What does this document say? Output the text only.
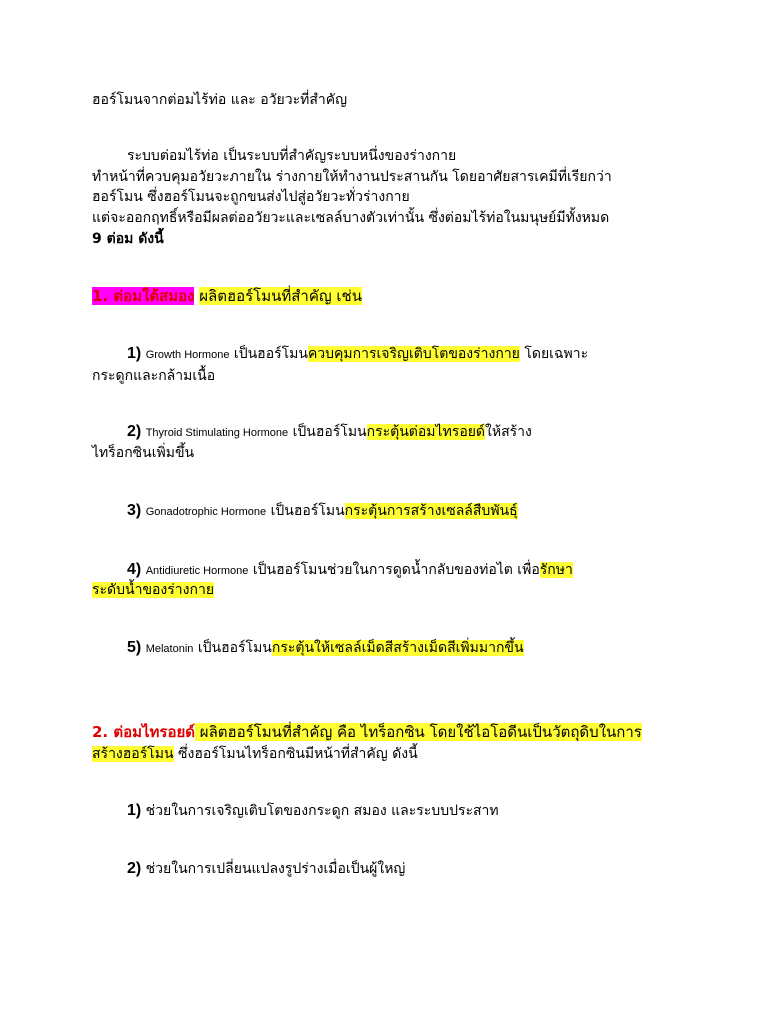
ฮอร์โมนจากต่อมไร้ท่อ และ อวัยวะที่สำคัญ
ระบบต่อมไร้ท่อ เป็นระบบที่สำคัญระบบหนึ่งของร่างกาย
ทำหน้าที่ควบคุมอวัยวะภายใน ร่างกายให้ทำงานประสานกัน โดยอาศัยสารเคมีที่เรียกว่า
ฮอร์โมน ซึ่งฮอร์โมนจะถูกขนส่งไปสู่อวัยวะทั่วร่างกาย
แต่จะออกฤทธิ์หรือมีผลต่ออวัยวะและเซลล์บางตัวเท่านั้น ซึ่งต่อมไร้ท่อในมนุษย์มีทั้งหมด
9 ต่อม ดังนี้
1. ต่อมใต้สมอง ผลิตฮอร์โมนที่สำคัญ เช่น
1) Growth Hormone เป็นฮอร์โมนควบคุมการเจริญเติบโตของร่างกาย โดยเฉพาะ
กระดูกและกล้ามเนื้อ
2) Thyroid Stimulating Hormone เป็นฮอร์โมนกระตุ้นต่อมไทรอยด์ให้สร้าง
ไทร็อกซินเพิ่มขึ้น
3) Gonadotrophic Hormone เป็นฮอร์โมนกระตุ้นการสร้างเซลล์สืบพันธุ์
4) Antidiuretic Hormone เป็นฮอร์โมนช่วยในการดูดน้ำกลับของท่อไต เพื่อรักษา
ระดับน้ำของร่างกาย
5) Melatonin เป็นฮอร์โมนกระตุ้นให้เซลล์เม็ดสีสร้างเม็ดสีเพิ่มมากขึ้น
2. ต่อมไทรอยด์ ผลิตฮอร์โมนที่สำคัญ คือ ไทร็อกซิน โดยใช้ไอโอดีนเป็นวัตถุดิบในการ
สร้างฮอร์โมน ซึ่งฮอร์โมนไทร็อกซินมีหน้าที่สำคัญ ดังนี้
1) ช่วยในการเจริญเติบโตของกระดูก สมอง และระบบประสาท
2) ช่วยในการเปลี่ยนแปลงรูปร่างเมื่อเป็นผู้ใหญ่
